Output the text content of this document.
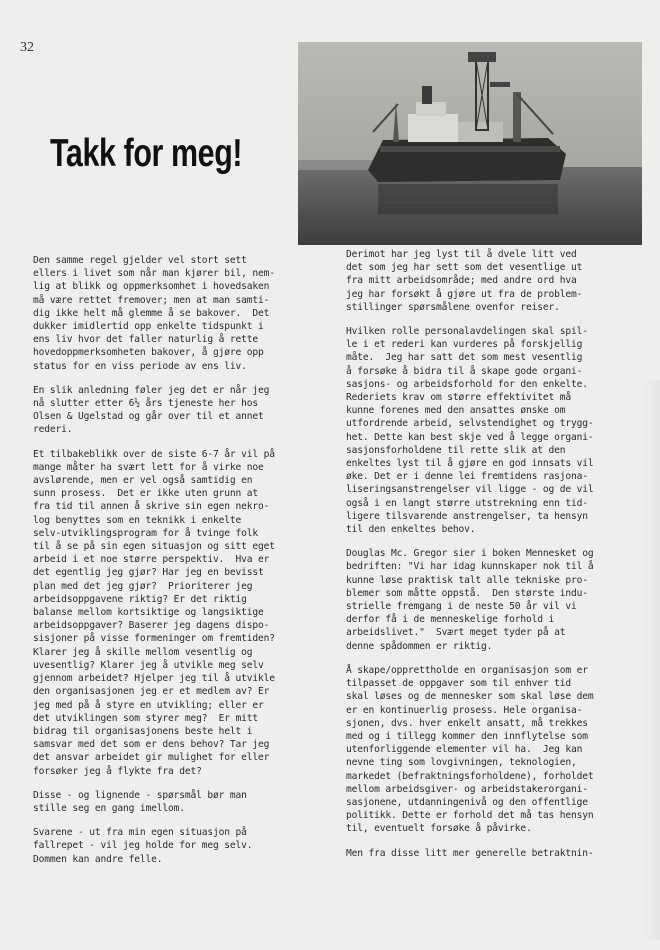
32
Takk for meg!

Den samme regel gjelder vel stort sett
ellers i livet som når man kjører bil, nem-
lig at blikk og oppmerksomhet i hovedsaken
må være rettet fremover; men at man samti-
dig ikke helt må glemme å se bakover.  Det
dukker imidlertid opp enkelte tidspunkt i
ens liv hvor det faller naturlig å rette
hovedoppmerksomheten bakover, å gjøre opp
status for en viss periode av ens liv.

En slik anledning føler jeg det er når jeg
nå slutter etter 6½ års tjeneste her hos
Olsen & Ugelstad og går over til et annet
rederi.

Et tilbakeblikk over de siste 6-7 år vil på
mange måter ha svært lett for å virke noe
avslørende, men er vel også samtidig en
sunn prosess.  Det er ikke uten grunn at
fra tid til annen å skrive sin egen nekro-
log benyttes som en teknikk i enkelte
selv-utviklingsprogram for å tvinge folk
til å se på sin egen situasjon og sitt eget
arbeid i et noe større perspektiv.  Hva er
det egentlig jeg gjør? Har jeg en bevisst
plan med det jeg gjør?  Prioriterer jeg
arbeidsoppgavene riktig? Er det riktig
balanse mellom kortsiktige og langsiktige
arbeidsoppgaver? Baserer jeg dagens dispo-
sisjoner på visse formeninger om fremtiden?
Klarer jeg å skille mellom vesentlig og
uvesentlig? Klarer jeg å utvikle meg selv
gjennom arbeidet? Hjelper jeg til å utvikle
den organisasjonen jeg er et medlem av? Er
jeg med på å styre en utvikling; eller er
det utviklingen som styrer meg?  Er mitt
bidrag til organisasjonens beste helt i
samsvar med det som er dens behov? Tar jeg
det ansvar arbeidet gir mulighet for eller
forsøker jeg å flykte fra det?

Disse - og lignende - spørsmål bør man
stille seg en gang imellom.

Svarene - ut fra min egen situasjon på
fallrepet - vil jeg holde for meg selv.
Dommen kan andre felle.

Derimot har jeg lyst til å dvele litt ved
det som jeg har sett som det vesentlige ut
fra mitt arbeidsområde; med andre ord hva
jeg har forsøkt å gjøre ut fra de problem-
stillinger spørsmålene ovenfor reiser.

Hvilken rolle personalavdelingen skal spil-
le i et rederi kan vurderes på forskjellig
måte.  Jeg har satt det som mest vesentlig
å forsøke å bidra til å skape gode organi-
sasjons- og arbeidsforhold for den enkelte.
Rederiets krav om større effektivitet må
kunne forenes med den ansattes ønske om
utfordrende arbeid, selvstendighet og trygg-
het. Dette kan best skje ved å legge organi-
sasjonsforholdene til rette slik at den
enkeltes lyst til å gjøre en god innsats vil
øke. Det er i denne lei fremtidens rasjona-
liseringsanstrengelser vil ligge - og de vil
også i en langt større utstrekning enn tid-
ligere tilsvarende anstrengelser, ta hensyn
til den enkeltes behov.

Douglas Mc. Gregor sier i boken Mennesket og
bedriften: "Vi har idag kunnskaper nok til å
kunne løse praktisk talt alle tekniske pro-
blemer som måtte oppstå.  Den største indu-
strielle fremgang i de neste 50 år vil vi
derfor få i de menneskelige forhold i
arbeidslivet."  Svært meget tyder på at
denne spådommen er riktig.

Å skape/opprettholde en organisasjon som er
tilpasset de oppgaver som til enhver tid
skal løses og de mennesker som skal løse dem
er en kontinuerlig prosess. Hele organisa-
sjonen, dvs. hver enkelt ansatt, må trekkes
med og i tillegg kommer den innflytelse som
utenforliggende elementer vil ha.  Jeg kan
nevne ting som lovgivningen, teknologien,
markedet (befraktningsforholdene), forholdet
mellom arbeidsgiver- og arbeidstakerorgani-
sasjonene, utdanningenivå og den offentlige
politikk. Dette er forhold det må tas hensyn
til, eventuelt forsøke å påvirke.

Men fra disse litt mer generelle betraktnin-
